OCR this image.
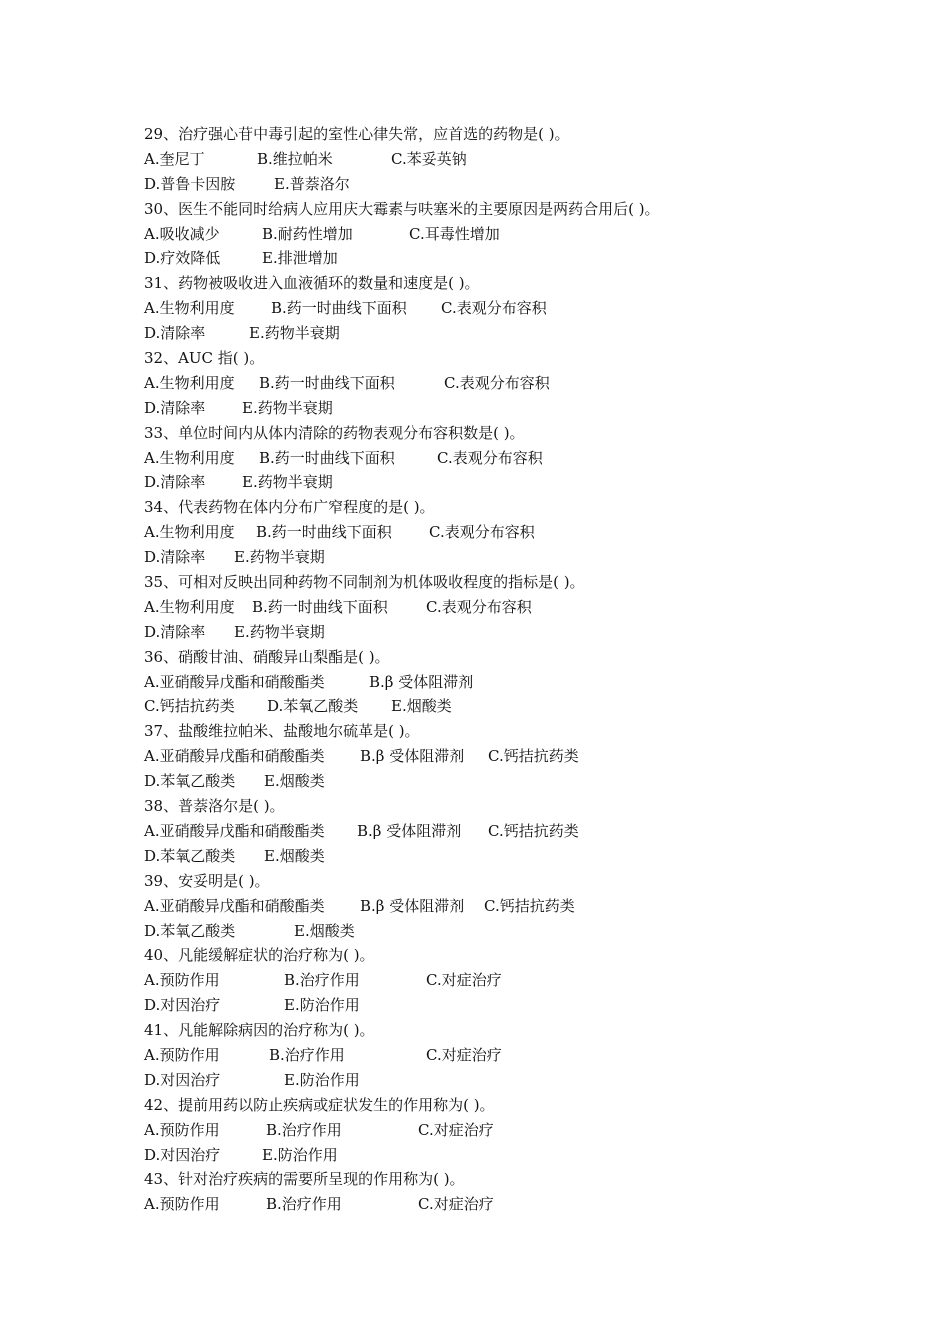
29、治疗强心苷中毒引起的室性心律失常，应首选的药物是( )。
A.奎尼丁	B.维拉帕米	C.苯妥英钠
D.普鲁卡因胺	E.普萘洛尔
30、医生不能同时给病人应用庆大霉素与呋塞米的主要原因是两药合用后( )。
A.吸收减少	B.耐药性增加	C.耳毒性增加
D.疗效降低	E.排泄增加
31、药物被吸收进入血液循环的数量和速度是( )。
A.生物利用度 B.药一时曲线下面积 C.表观分布容积
D.清除率	E.药物半衰期
32、AUC 指( )。
A.生物利用度 B.药一时曲线下面积	C.表观分布容积
D.清除率 E.药物半衰期
33、单位时间内从体内清除的药物表观分布容积数是( )。
A.生物利用度 B.药一时曲线下面积	C.表观分布容积
D.清除率 E.药物半衰期
34、代表药物在体内分布广窄程度的是( )。
A.生物利用度 B.药一时曲线下面积 C.表观分布容积
D.清除率 E.药物半衰期
35、可相对反映出同种药物不同制剂为机体吸收程度的指标是( )。
A.生物利用度 B.药一时曲线下面积	C.表观分布容积
D.清除率 E.药物半衰期
36、硝酸甘油、硝酸异山梨酯是( )。
A.亚硝酸异戊酯和硝酸酯类	B.β 受体阻滞剂
C.钙拮抗药类 D.苯氧乙酸类 E.烟酸类
37、盐酸维拉帕米、盐酸地尔硫革是( )。
A.亚硝酸异戊酯和硝酸酯类 B.β 受体阻滞剂 C.钙拮抗药类
D.苯氧乙酸类 E.烟酸类
38、普萘洛尔是( )。
A.亚硝酸异戊酯和硝酸酯类 B.β 受体阻滞剂 C.钙拮抗药类
D.苯氧乙酸类 E.烟酸类
39、安妥明是( )。
A.亚硝酸异戊酯和硝酸酯类 B.β 受体阻滞剂 C.钙拮抗药类
D.苯氧乙酸类	E.烟酸类
40、凡能缓解症状的治疗称为( )。
A.预防作用	B.治疗作用	C.对症治疗
D.对因治疗	E.防治作用
41、凡能解除病因的治疗称为( )。
A.预防作用	B.治疗作用	C.对症治疗
D.对因治疗	E.防治作用
42、提前用药以防止疾病或症状发生的作用称为( )。
A.预防作用	B.治疗作用	C.对症治疗
D.对因治疗	E.防治作用
43、针对治疗疾病的需要所呈现的作用称为( )。
A.预防作用	B.治疗作用	C.对症治疗
